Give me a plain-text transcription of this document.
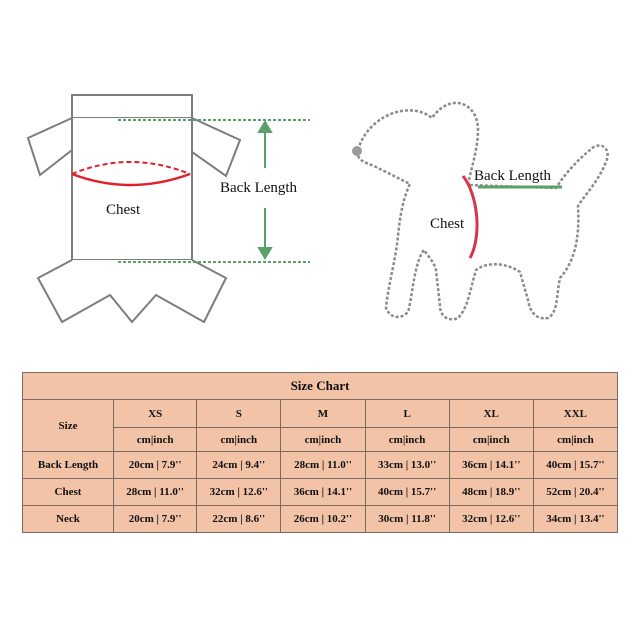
Back Length
Chest
Back Length
Chest
Size Chart						
Size	XS	S	M	L	XL	XXL
	cm|inch	cm|inch	cm|inch	cm|inch	cm|inch	cm|inch
Back Length	20cm | 7.9''	24cm | 9.4''	28cm | 11.0''	33cm | 13.0''	36cm | 14.1''	40cm | 15.7''
Chest	28cm | 11.0''	32cm | 12.6''	36cm | 14.1''	40cm | 15.7''	48cm | 18.9''	52cm | 20.4''
Neck	20cm | 7.9''	22cm | 8.6''	26cm | 10.2''	30cm | 11.8''	32cm | 12.6''	34cm | 13.4''
